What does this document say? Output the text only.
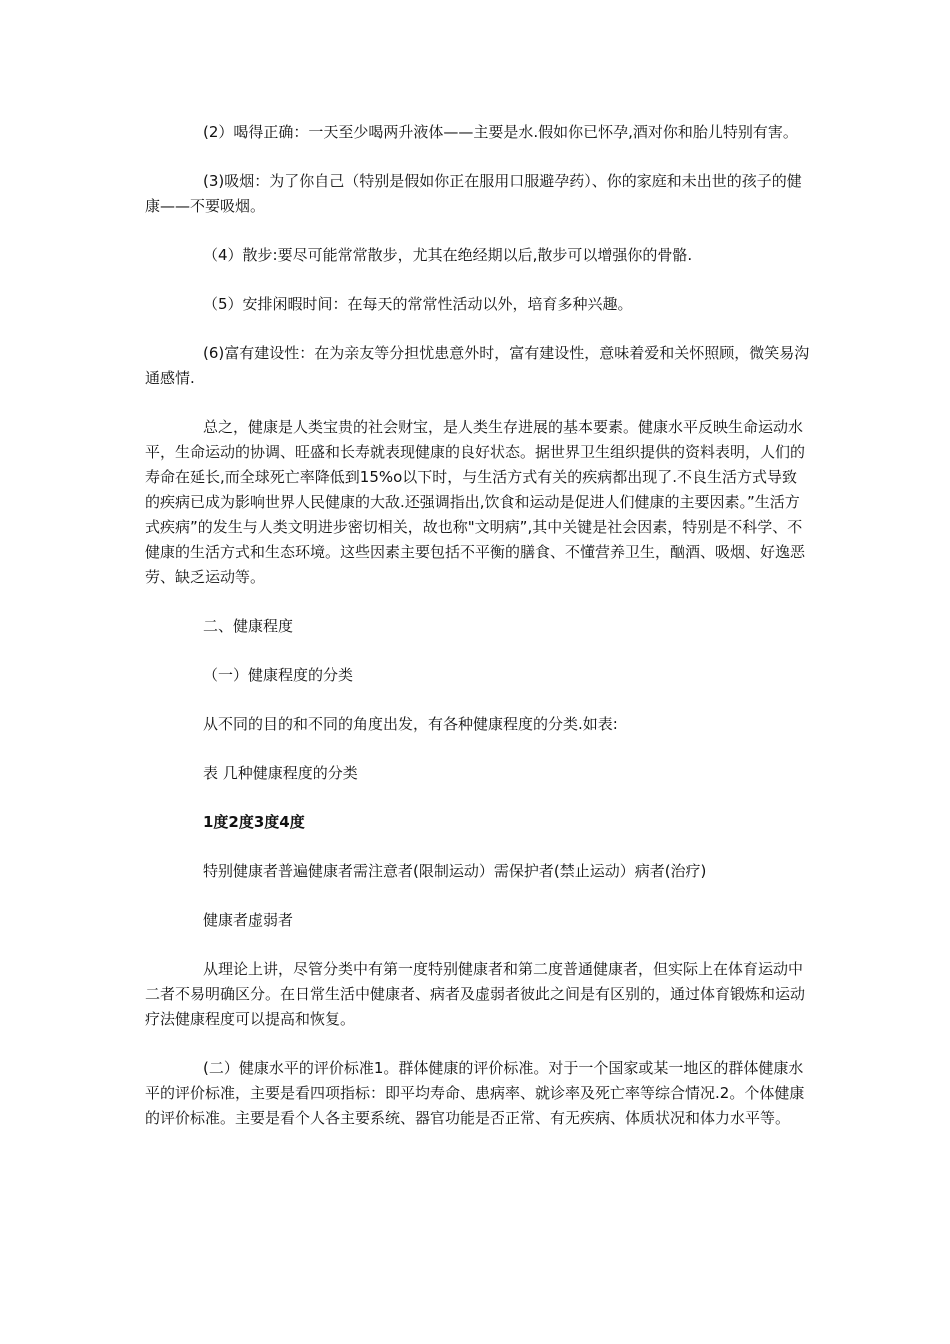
(2）喝得正确：一天至少喝两升液体——主要是水.假如你已怀孕,酒对你和胎儿特别有害。

(3)吸烟：为了你自己（特别是假如你正在服用口服避孕药）、你的家庭和未出世的孩子的健康——不要吸烟。

（4）散步:要尽可能常常散步，尤其在绝经期以后,散步可以增强你的骨骼.

（5）安排闲暇时间：在每天的常常性活动以外，培育多种兴趣。

(6)富有建设性：在为亲友等分担忧患意外时，富有建设性，意味着爱和关怀照顾，微笑易沟通感情.

总之，健康是人类宝贵的社会财宝，是人类生存进展的基本要素。健康水平反映生命运动水平，生命运动的协调、旺盛和长寿就表现健康的良好状态。据世界卫生组织提供的资料表明，人们的寿命在延长,而全球死亡率降低到15%o以下时，与生活方式有关的疾病都出现了.不良生活方式导致的疾病已成为影响世界人民健康的大敌.还强调指出,饮食和运动是促进人们健康的主要因素。”生活方式疾病”的发生与人类文明进步密切相关，故也称"文明病”,其中关键是社会因素，特别是不科学、不健康的生活方式和生态环境。这些因素主要包括不平衡的膳食、不懂营养卫生，酗酒、吸烟、好逸恶劳、缺乏运动等。

二、健康程度

（一）健康程度的分类

从不同的目的和不同的角度出发，有各种健康程度的分类.如表:

表 几种健康程度的分类

1度2度3度4度

特别健康者普遍健康者需注意者(限制运动）需保护者(禁止运动）病者(治疗)

健康者虚弱者

从理论上讲，尽管分类中有第一度特别健康者和第二度普通健康者，但实际上在体育运动中二者不易明确区分。在日常生活中健康者、病者及虚弱者彼此之间是有区别的，通过体育锻炼和运动疗法健康程度可以提高和恢复。

(二）健康水平的评价标准1。群体健康的评价标准。对于一个国家或某一地区的群体健康水平的评价标准，主要是看四项指标：即平均寿命、患病率、就诊率及死亡率等综合情况.2。个体健康的评价标准。主要是看个人各主要系统、器官功能是否正常、有无疾病、体质状况和体力水平等。
